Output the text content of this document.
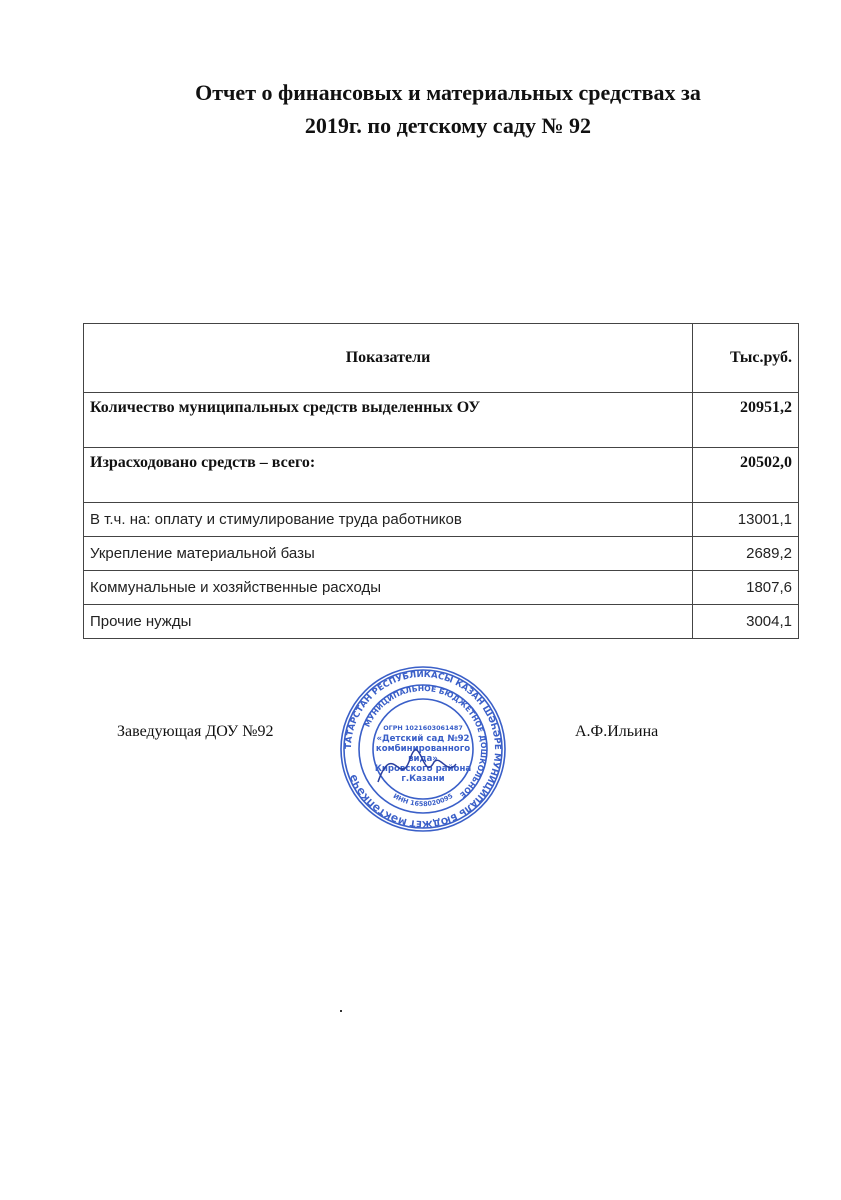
Отчет о финансовых и материальных средствах за
2019г. по детскому саду № 92
Показатели	Тыс.руб.
Количество муниципальных средств выделенных ОУ	20951,2
Израсходовано средств – всего:	20502,0
В т.ч. на: оплату и стимулирование труда работников	13001,1
Укрепление материальной базы	2689,2
Коммунальные и хозяйственные расходы	1807,6
Прочие нужды	3004,1
Заведующая ДОУ №92	А.Ф.Ильина
ТАТАРСТАН РЕСПУБЛИКАСЫ КАЗАН ШӘҺӘРЕ МУНИЦИПАЛЬ БЮДЖЕТ МӘКТӘПКӘЧӘ
МУНИЦИПАЛЬНОЕ БЮДЖЕТНОЕ ДОШКОЛЬНОЕ
ИНН 1658020095
ОГРН 1021603061487
«Детский сад №92
комбинированного
вида»
Кировского района
г.Казани
